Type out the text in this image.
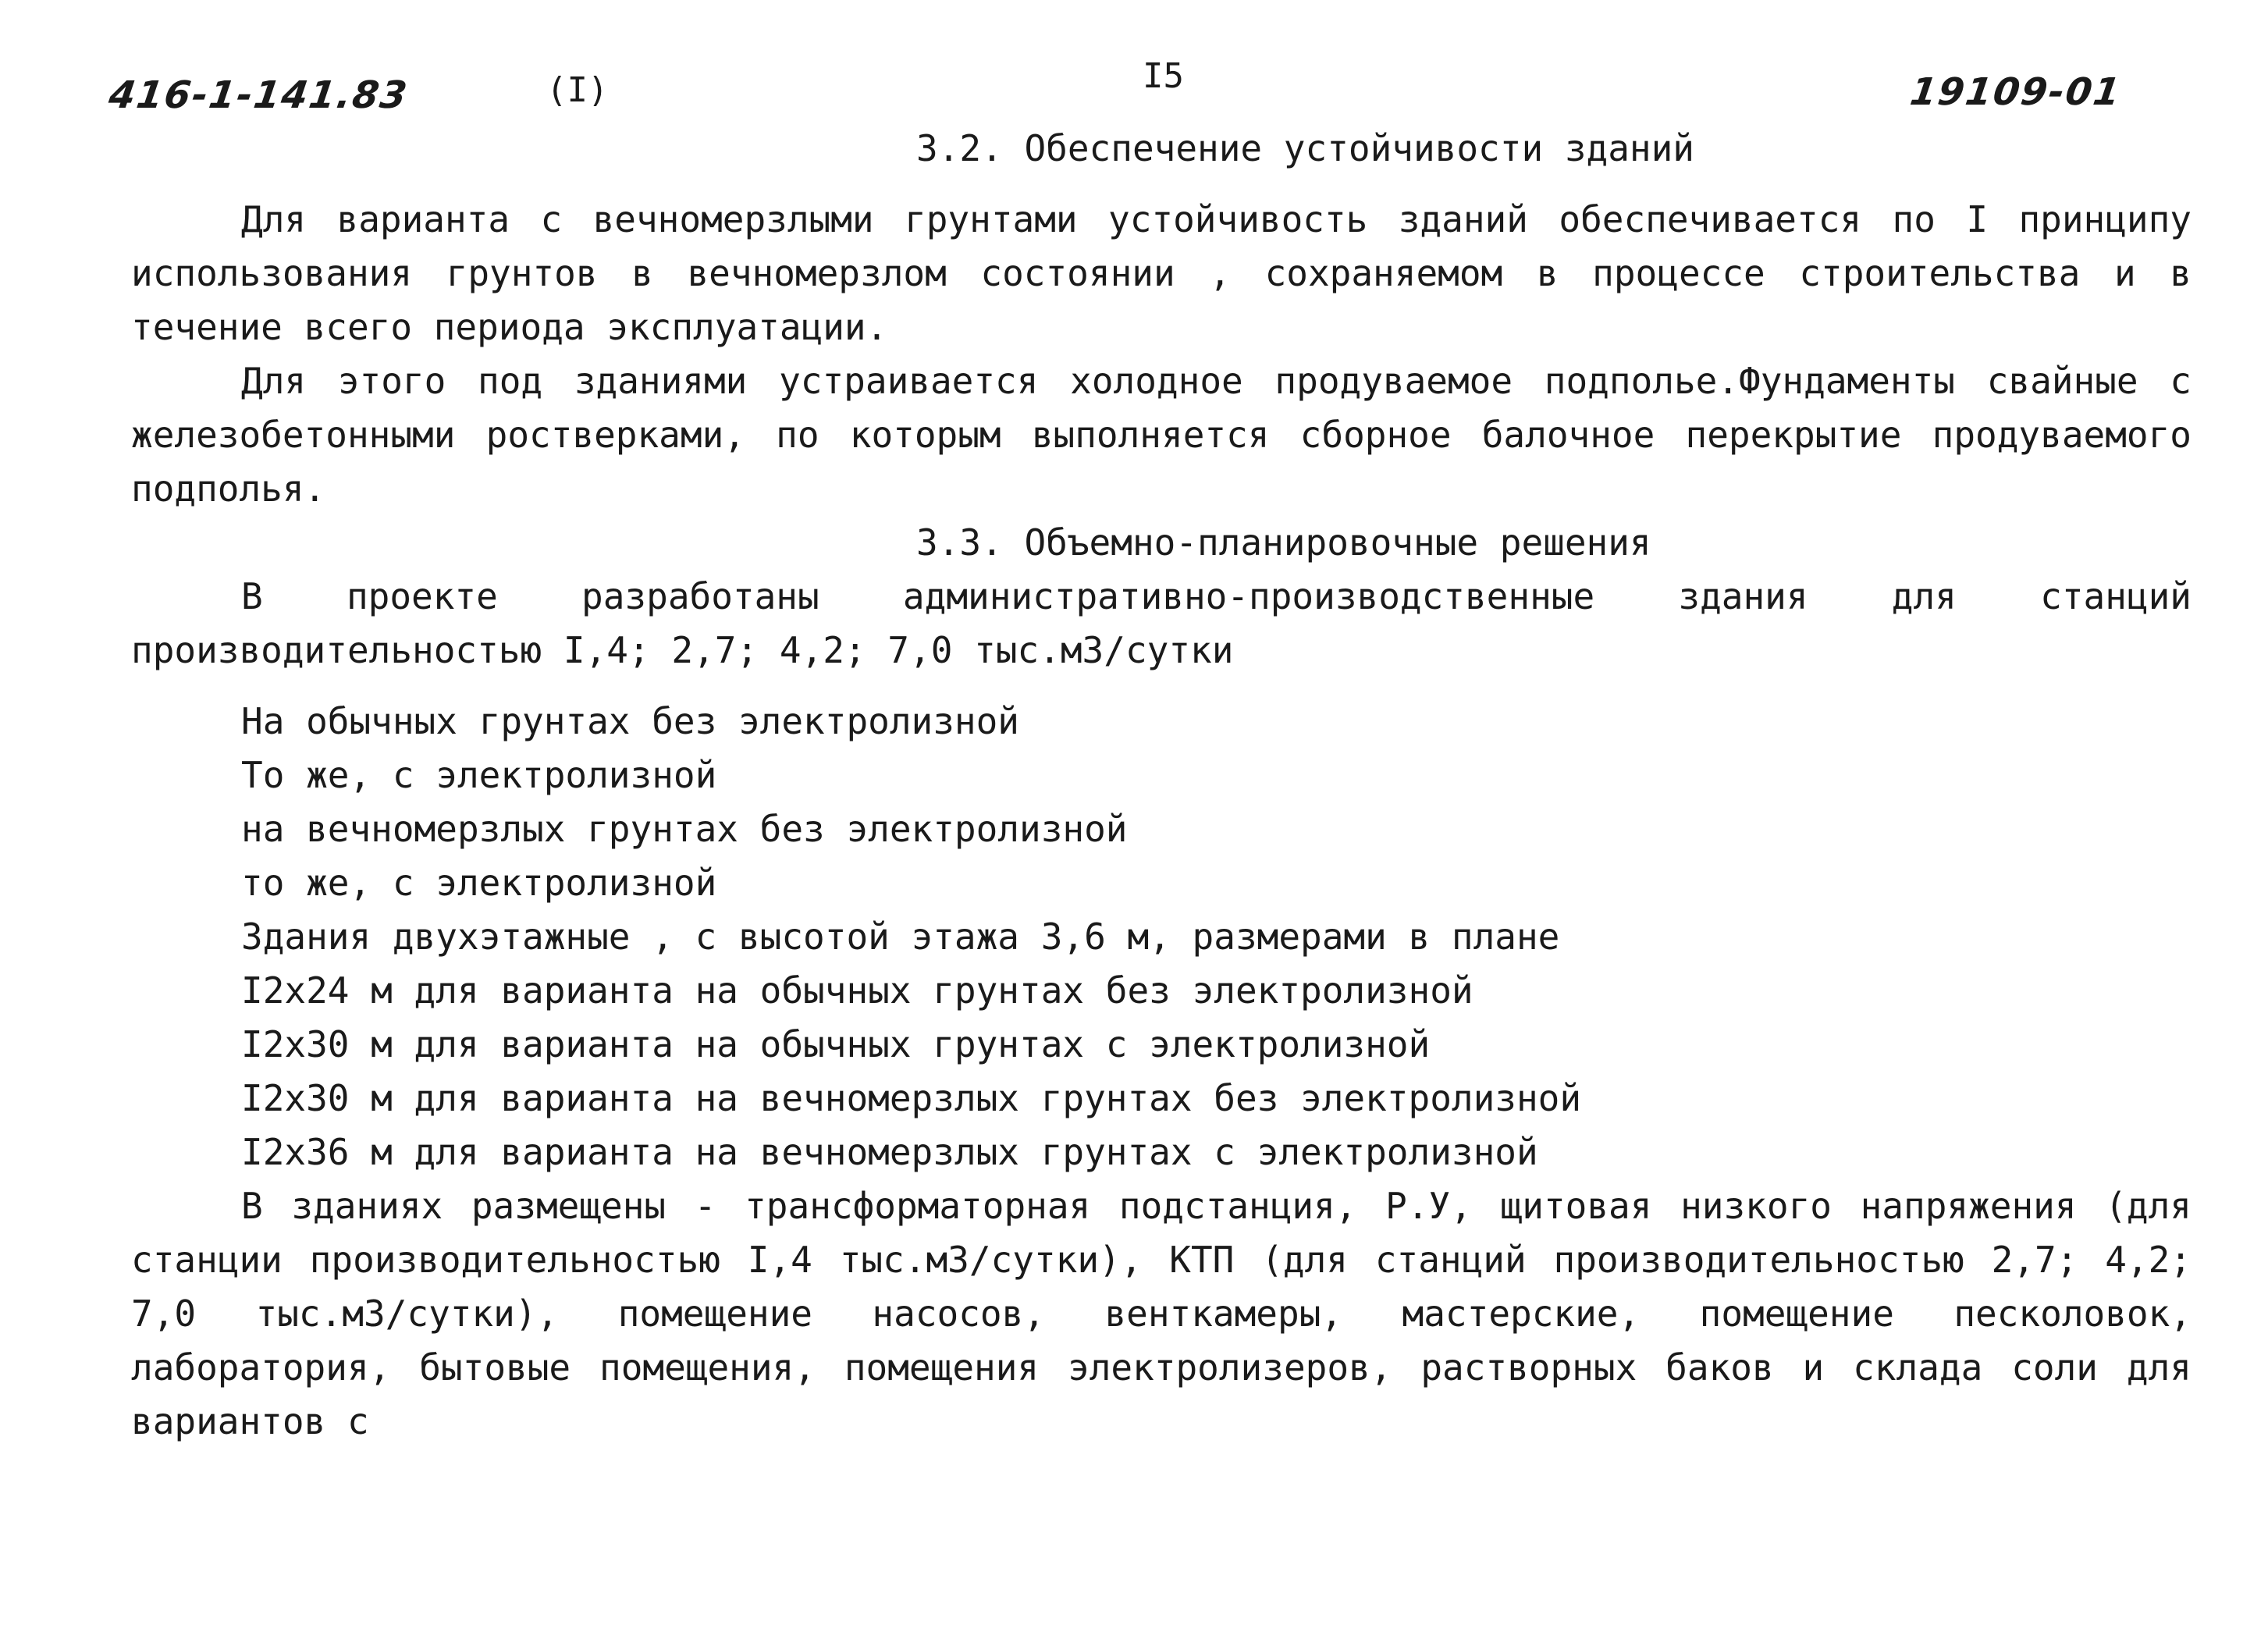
416-1-141.83	(I)	I5	19109-01
3.2. Обеспечение устойчивости зданий

Для варианта с вечномерзлыми грунтами устойчивость зданий обеспечивается по I принципу использования грунтов в вечномерзлом состоянии , сохраняемом в процессе строительства и в течение всего периода эксплуатации.

Для этого под зданиями устраивается холодное продуваемое подполье.Фундаменты свайные с железобетонными ростверками, по которым выполняется сборное балочное перекрытие продуваемого подполья.

3.3. Объемно-планировочные решения

В проекте разработаны административно-производственные здания для станций производительностью I,4; 2,7; 4,2; 7,0 тыс.м3/сутки

На обычных грунтах без электролизной
То же, с электролизной
на вечномерзлых грунтах без электролизной
то же, с электролизной
Здания двухэтажные , с высотой этажа 3,6 м, размерами в плане
I2x24 м для варианта на обычных грунтах без электролизной
I2x30 м для варианта на обычных грунтах с электролизной
I2x30 м для варианта на вечномерзлых грунтах без электролизной
I2x36 м для варианта на вечномерзлых грунтах с электролизной

В зданиях размещены - трансформаторная подстанция, Р.У, щитовая низкого напряжения (для станции производительностью I,4 тыс.м3/сутки), КТП (для станций производительностью 2,7; 4,2; 7,0 тыс.м3/сутки), помещение насосов, венткамеры, мастерские, помещение песколовок, лаборатория, бытовые помещения, помещения электролизеров, растворных баков и склада соли для вариантов с
